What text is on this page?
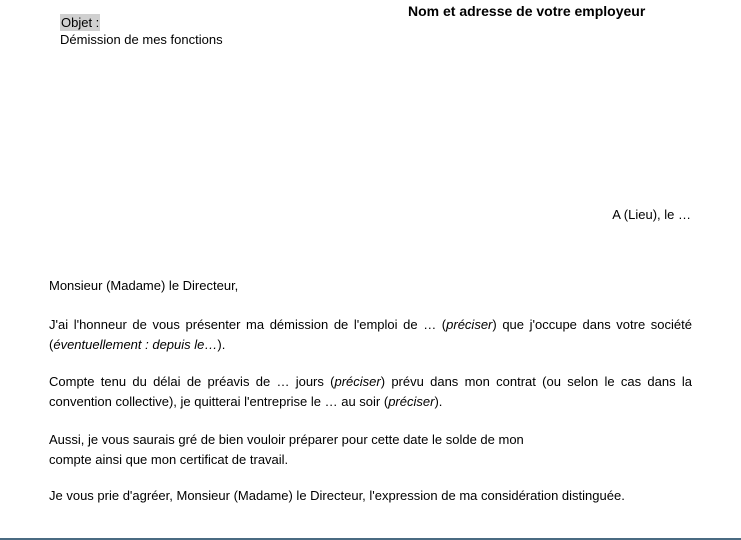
Nom et adresse de votre employeur
Objet :
Démission de mes fonctions
A (Lieu), le …
Monsieur (Madame) le Directeur,
J'ai l'honneur de vous présenter ma démission de l'emploi de … (préciser) que j'occupe dans votre société
(éventuellement : depuis le…).
Compte tenu du délai de préavis de … jours (préciser) prévu dans mon contrat (ou selon le cas dans la
convention collective), je quitterai l'entreprise le … au soir (préciser).
Aussi, je vous saurais gré de bien vouloir préparer pour cette date le solde de mon
compte ainsi que mon certificat de travail.
Je vous prie d'agréer, Monsieur (Madame) le Directeur, l'expression de ma considération distinguée.
